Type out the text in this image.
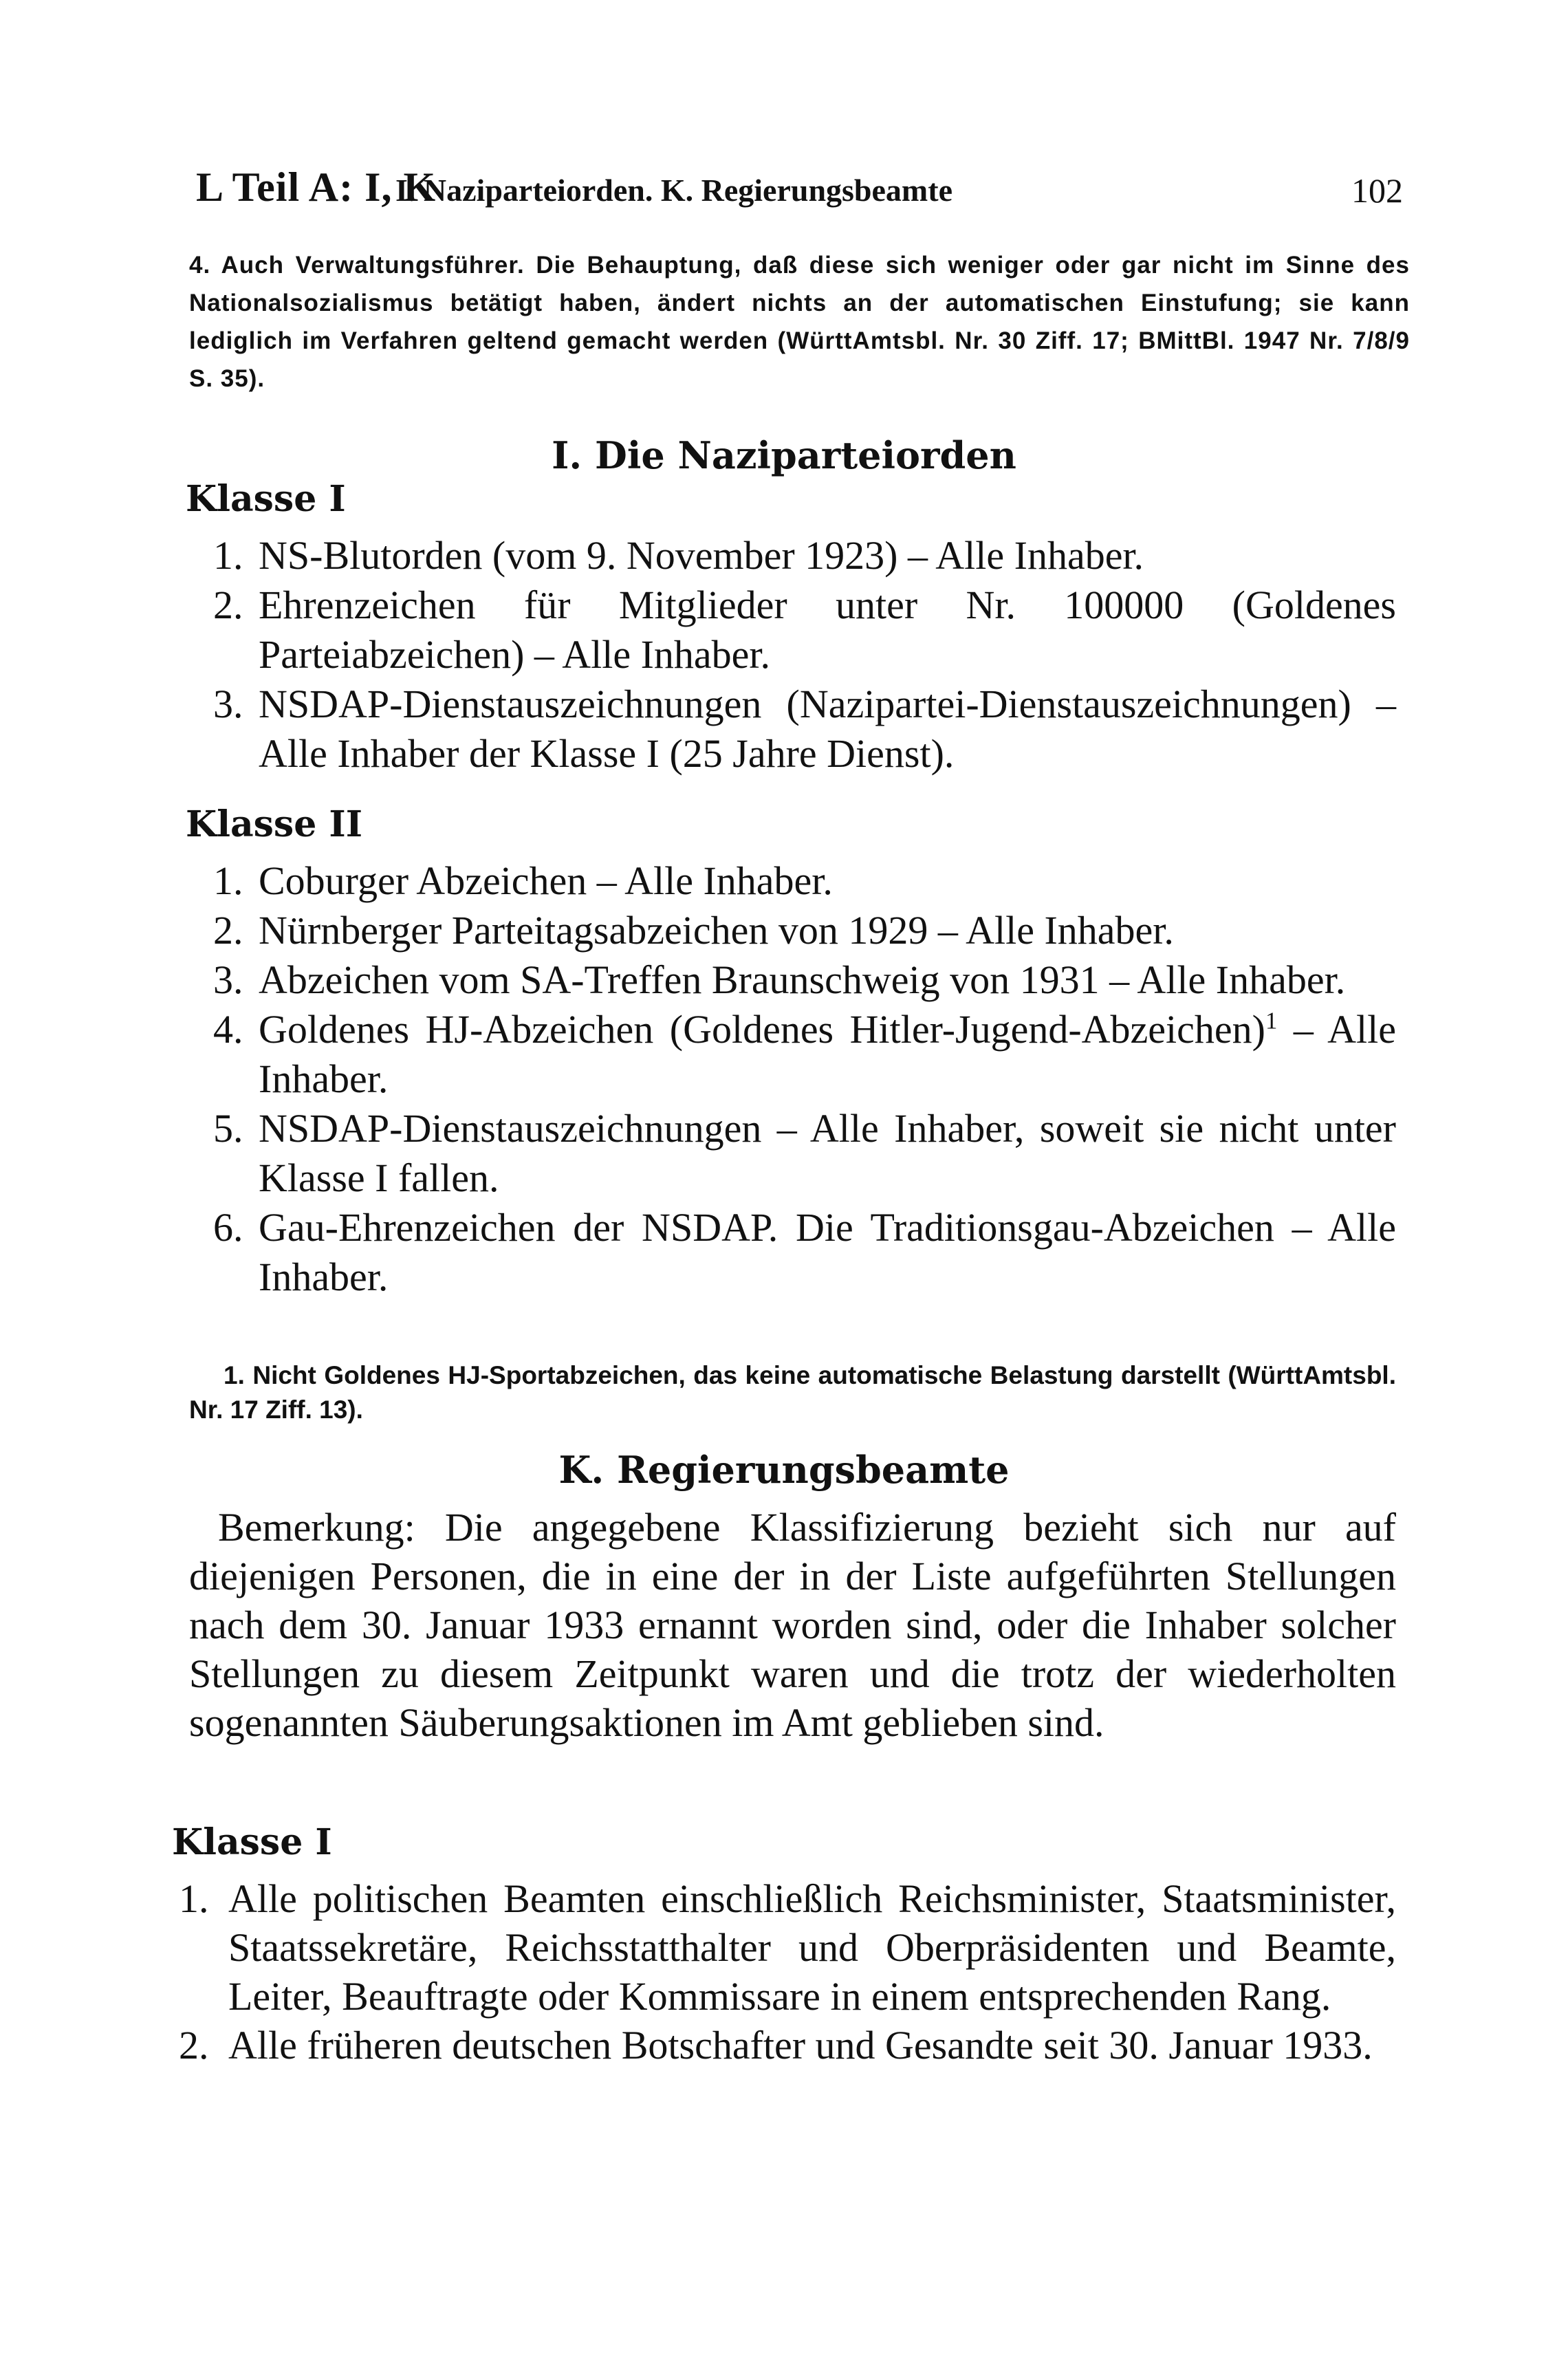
L Teil A: I, K
I. Naziparteiorden. K. Regierungsbeamte	102

4. Auch Verwaltungsführer. Die Behauptung, daß diese sich weniger oder gar nicht im Sinne des Nationalsozialismus betätigt haben, ändert nichts an der automatischen Einstufung; sie kann lediglich im Verfahren geltend gemacht werden (WürttAmtsbl. Nr. 30 Ziff. 17; BMittBl. 1947 Nr. 7/8/9 S. 35).

I. Die Naziparteiorden
Klasse I
1. NS-Blutorden (vom 9. November 1923) – Alle Inhaber.
2. Ehrenzeichen für Mitglieder unter Nr. 100000 (Goldenes Parteiabzeichen) – Alle Inhaber.
3. NSDAP-Dienstauszeichnungen (Nazipartei-Dienstauszeichnungen) – Alle Inhaber der Klasse I (25 Jahre Dienst).
Klasse II
1. Coburger Abzeichen – Alle Inhaber.
2. Nürnberger Parteitagsabzeichen von 1929 – Alle Inhaber.
3. Abzeichen vom SA-Treffen Braunschweig von 1931 – Alle Inhaber.
4. Goldenes HJ-Abzeichen (Goldenes Hitler-Jugend-Abzeichen)$^1$ – Alle Inhaber.
5. NSDAP-Dienstauszeichnungen – Alle Inhaber, soweit sie nicht unter Klasse I fallen.
6. Gau-Ehrenzeichen der NSDAP. Die Traditionsgau-Abzeichen – Alle Inhaber.

1. Nicht Goldenes HJ-Sportabzeichen, das keine automatische Belastung darstellt (WürttAmtsbl. Nr. 17 Ziff. 13).

K. Regierungsbeamte

Bemerkung: Die angegebene Klassifizierung bezieht sich nur auf diejenigen Personen, die in eine der in der Liste aufgeführten Stellungen nach dem 30. Januar 1933 ernannt worden sind, oder die Inhaber solcher Stellungen zu diesem Zeitpunkt waren und die trotz der wiederholten sogenannten Säuberungsaktionen im Amt geblieben sind.

Klasse I
1. Alle politischen Beamten einschließlich Reichsminister, Staatsminister, Staatssekretäre, Reichsstatthalter und Oberpräsidenten und Beamte, Leiter, Beauftragte oder Kommissare in einem entsprechenden Rang.
2. Alle früheren deutschen Botschafter und Gesandte seit 30. Januar 1933.
